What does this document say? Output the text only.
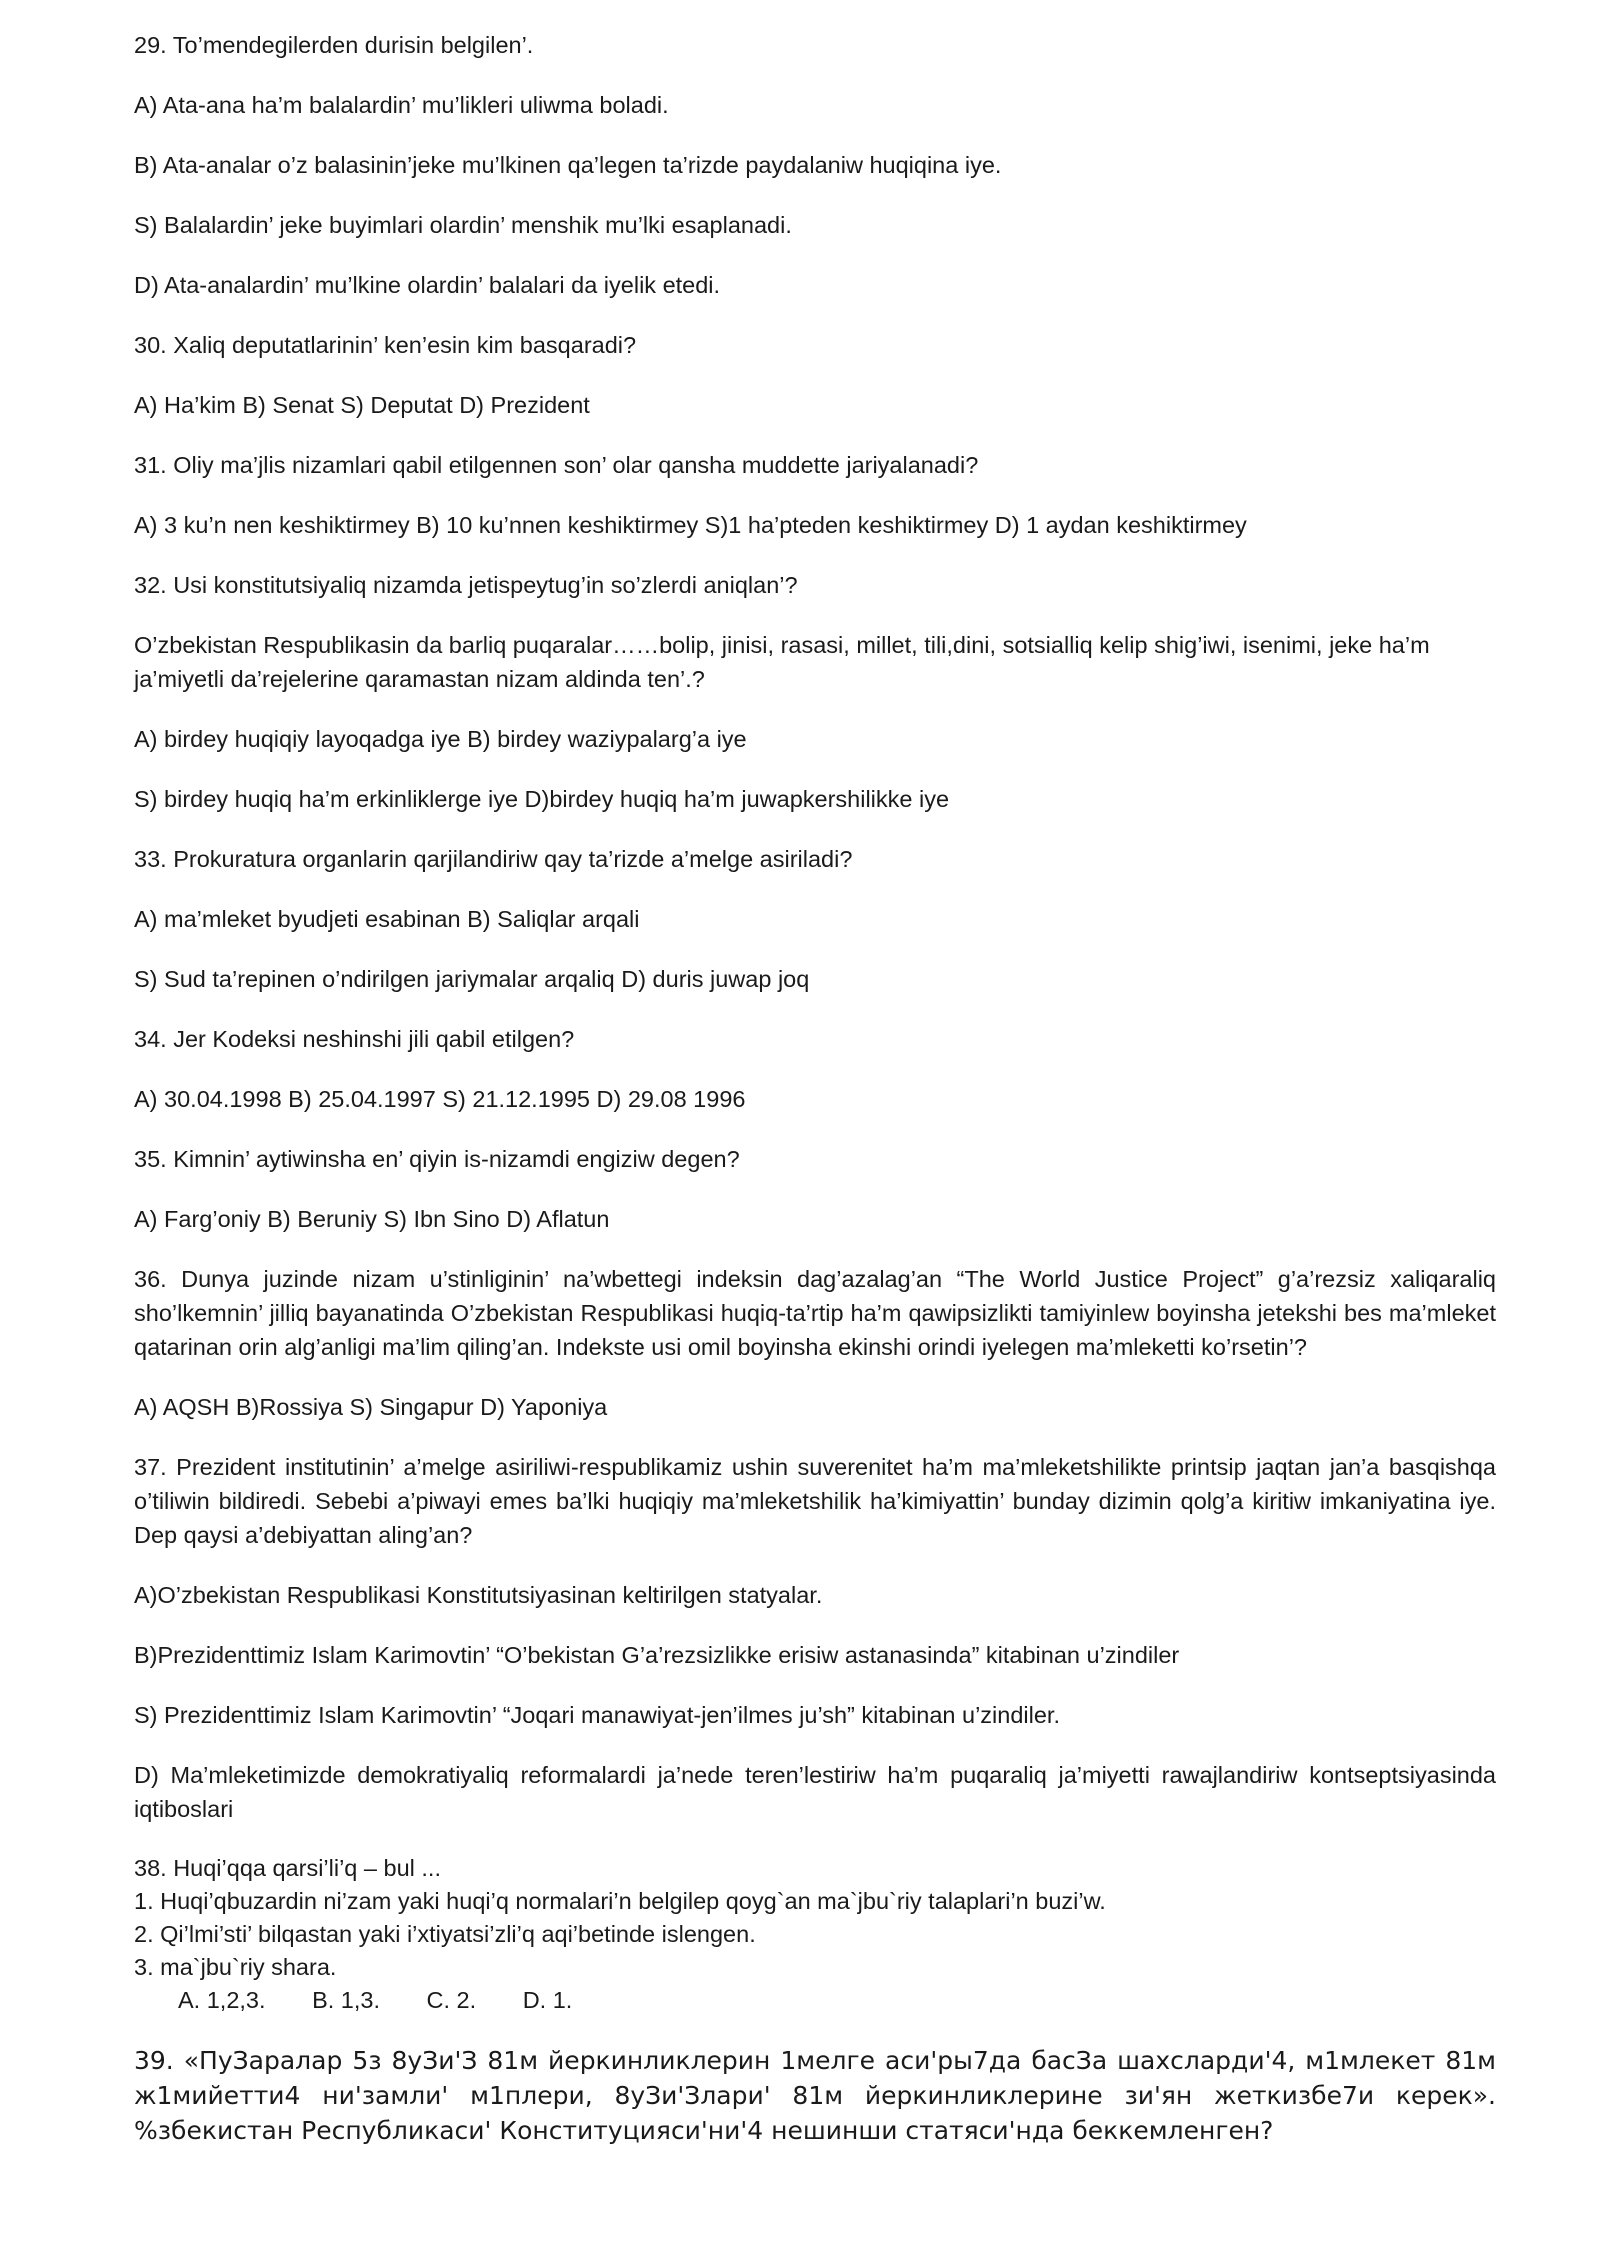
29. To’mendegilerden durisin belgilen’.

A) Ata-ana ha’m balalardin’ mu’likleri uliwma boladi.

B) Ata-analar o’z balasinin’jeke mu’lkinen qa’legen ta’rizde paydalaniw huqiqina iye.

S) Balalardin’ jeke buyimlari olardin’ menshik mu’lki esaplanadi.

D) Ata-analardin’ mu’lkine olardin’ balalari da iyelik etedi.

30. Xaliq deputatlarinin’ ken’esin kim basqaradi?

A) Ha’kim B) Senat S) Deputat D) Prezident

31. Oliy ma’jlis nizamlari qabil etilgennen son’ olar qansha muddette jariyalanadi?

A) 3 ku’n nen keshiktirmey B) 10 ku’nnen keshiktirmey S)1 ha’pteden keshiktirmey D) 1 aydan keshiktirmey

32. Usi konstitutsiyaliq nizamda jetispeytug’in so’zlerdi aniqlan’?

O’zbekistan Respublikasin da barliq puqaralar……bolip, jinisi, rasasi, millet, tili,dini, sotsialliq kelip shig’iwi, isenimi, jeke ha’m ja’miyetli da’rejelerine qaramastan nizam aldinda ten’.?

A) birdey huqiqiy layoqadga iye B) birdey waziypalarg’a iye

S) birdey huqiq ha’m erkinliklerge iye D)birdey huqiq ha’m juwapkershilikke iye

33. Prokuratura organlarin qarjilandiriw qay ta’rizde a’melge asiriladi?

A) ma’mleket byudjeti esabinan B) Saliqlar arqali

S) Sud ta’repinen o’ndirilgen jariymalar arqaliq D) duris juwap joq

34. Jer Kodeksi neshinshi jili qabil etilgen?

A) 30.04.1998 B) 25.04.1997 S) 21.12.1995 D) 29.08 1996

35. Kimnin’ aytiwinsha en’ qiyin is-nizamdi engiziw degen?

A) Farg’oniy B) Beruniy S) Ibn Sino D) Aflatun

36. Dunya juzinde nizam u’stinliginin’ na’wbettegi indeksin dag’azalag’an “The World Justice Project” g’a’rezsiz xaliqaraliq sho’lkemnin’ jilliq bayanatinda O’zbekistan Respublikasi huqiq-ta’rtip ha’m qawipsizlikti tamiyinlew boyinsha jetekshi bes ma’mleket qatarinan orin alg’anligi ma’lim qiling’an. Indekste usi omil boyinsha ekinshi orindi iyelegen ma’mleketti ko’rsetin’?

A) AQSH B)Rossiya S) Singapur D) Yaponiya

37. Prezident institutinin’ a’melge asiriliwi-respublikamiz ushin suverenitet ha’m ma’mleketshilikte printsip jaqtan jan’a basqishqa o’tiliwin bildiredi. Sebebi a’piwayi emes ba’lki huqiqiy ma’mleketshilik ha’kimiyattin’ bunday dizimin qolg’a kiritiw imkaniyatina iye. Dep qaysi a’debiyattan aling’an?

A)O’zbekistan Respublikasi Konstitutsiyasinan keltirilgen statyalar.

B)Prezidenttimiz Islam Karimovtin’ “O’bekistan G’a’rezsizlikke erisiw astanasinda” kitabinan u’zindiler

S) Prezidenttimiz Islam Karimovtin’ “Joqari manawiyat-jen’ilmes ju’sh” kitabinan u’zindiler.

D) Ma’mleketimizde demokratiyaliq reformalardi ja’nede teren’lestiriw ha’m puqaraliq ja’miyetti rawajlandiriw kontseptsiyasinda iqtiboslari

38. Huqi’qqa qarsi’li’q – bul ...
1. Huqi’qbuzardin ni’zam yaki huqi’q normalari’n belgilep qoyg`an ma`jbu`riy talaplari’n buzi’w.
2. Qi’lmi’sti’ bilqastan yaki i’xtiyatsi’zli’q aqi’betinde islengen.
3. ma`jbu`riy shara.
A. 1,2,3. B. 1,3. C. 2. D. 1.

39. «ПуЗаралар 5з 8уЗи'З 81м йеркинликлерин 1мелге аси'ры7да басЗа шахсларди'4, м1млекет 81м ж1мийетти4 ни'замли' м1плери, 8уЗи'Злари' 81м йеркинликлерине зи'ян жеткизбе7и керек». %збекистан Республикаси' Конституцияси'ни'4 нешинши статяси'нда беккемленген?
